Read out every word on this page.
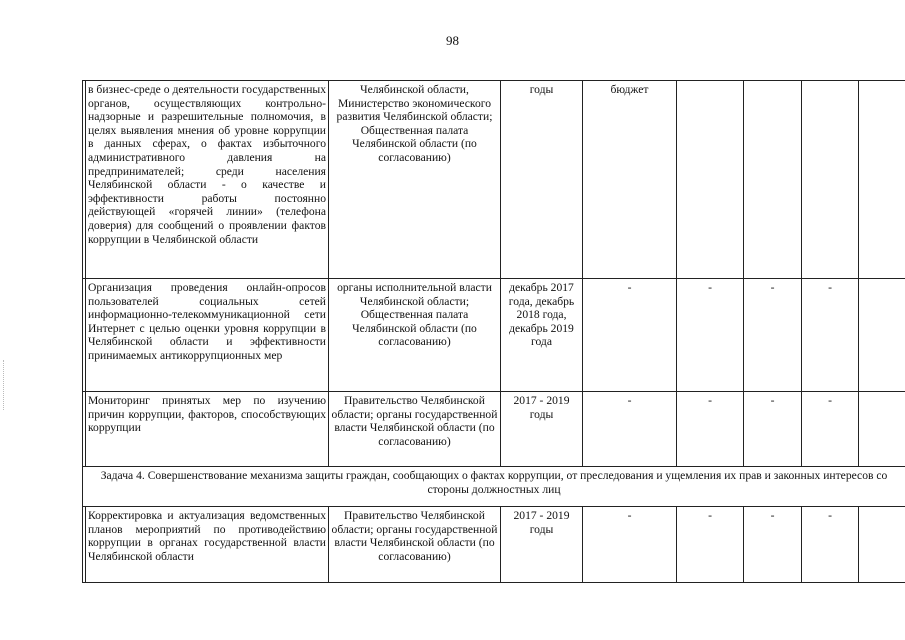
98
	в бизнес-среде о деятельности государственных органов, осуществляющих контрольно-надзорные и разрешительные полномочия, в целях выявления мнения об уровне коррупции в данных сферах, о фактах избыточного административного давления на предпринимателей; среди населения Челябинской области - о качестве и эффективности работы постоянно действующей «горячей линии» (телефона доверия) для сообщений о проявлении фактов коррупции в Челябинской области	Челябинской области, Министерство экономического развития Челябинской области; Общественная палата Челябинской области (по согласованию)	годы	бюджет				
	Организация проведения онлайн-опросов пользователей социальных сетей информационно-телекоммуникационной сети Интернет с целью оценки уровня коррупции в Челябинской области и эффективности принимаемых антикоррупционных мер	органы исполнительной власти Челябинской области; Общественная палата Челябинской области (по согласованию)	декабрь 2017 года, декабрь 2018 года, декабрь 2019 года	-	-	-	-	
	Мониторинг принятых мер по изучению причин коррупции, факторов, способствующих коррупции	Правительство Челябинской области; органы государственной власти Челябинской области (по согласованию)	2017 - 2019 годы	-	-	-	-	
Задача 4. Совершенствование механизма защиты граждан, сообщающих о фактах коррупции, от преследования и ущемления их прав и законных интересов со стороны должностных лиц								
	Корректировка и актуализация ведомственных планов мероприятий по противодействию коррупции в органах государственной власти Челябинской области	Правительство Челябинской области; органы государственной власти Челябинской области (по согласованию)	2017 - 2019 годы	-	-	-	-	
